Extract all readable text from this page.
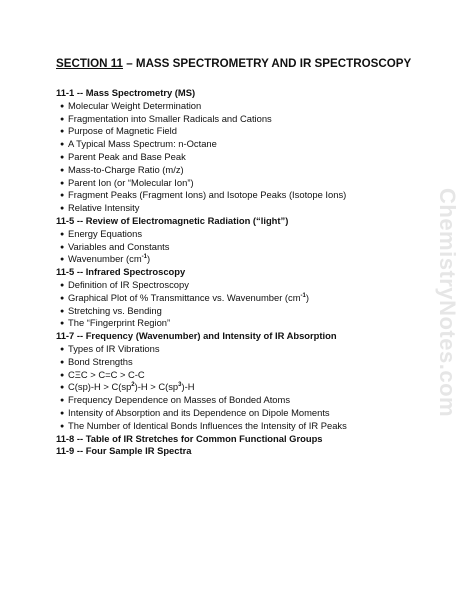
SECTION 11 – MASS SPECTROMETRY AND IR SPECTROSCOPY
11-1 -- Mass Spectrometry (MS)
● Molecular Weight Determination
● Fragmentation into Smaller Radicals and Cations
● Purpose of Magnetic Field
● A Typical Mass Spectrum: n-Octane
● Parent Peak and Base Peak
● Mass-to-Charge Ratio (m/z)
● Parent Ion (or “Molecular Ion”)
● Fragment Peaks (Fragment Ions) and Isotope Peaks (Isotope Ions)
● Relative Intensity
11-5 -- Review of Electromagnetic Radiation (“light”)
● Energy Equations
● Variables and Constants
● Wavenumber $(cm^{-1})$
11-5 -- Infrared Spectroscopy
● Definition of IR Spectroscopy
● Graphical Plot of % Transmittance vs. Wavenumber $(cm^{-1})$
● Stretching vs. Bending
● The “Fingerprint Region”
11-7 -- Frequency (Wavenumber) and Intensity of IR Absorption
● Types of IR Vibrations
● Bond Strengths
● CΞC > C=C > C-C
● $C(sp)-H > C(sp^2)-H > C(sp^3)-H$
● Frequency Dependence on Masses of Bonded Atoms
● Intensity of Absorption and its Dependence on Dipole Moments
● The Number of Identical Bonds Influences the Intensity of IR Peaks
11-8 -- Table of IR Stretches for Common Functional Groups
11-9 -- Four Sample IR Spectra
ChemistryNotes.com
